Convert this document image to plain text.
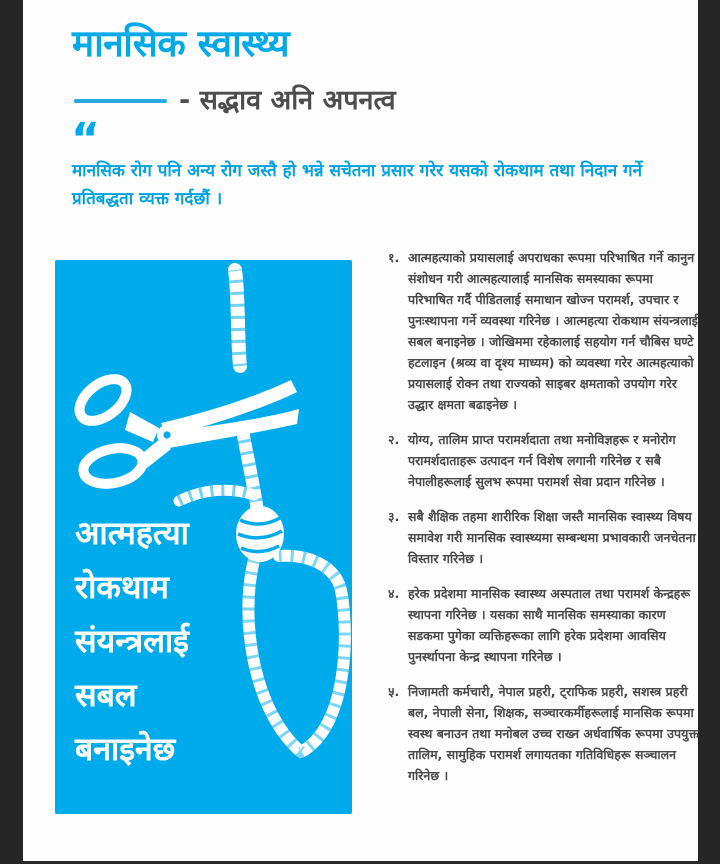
मानसिक स्वास्थ्य
- सद्भाव अनि अपनत्व
“
मानसिक रोग पनि अन्य रोग जस्तै हो भन्ने सचेतना प्रसार गरेर यसको रोकथाम तथा निदान गर्ने प्रतिबद्धता व्यक्त गर्दछौं ।
आत्महत्या
रोकथाम
संयन्त्रलाई
सबल
बनाइनेछ
१. आत्महत्याको प्रयासलाई अपराधका रूपमा परिभाषित गर्ने कानुन संशोधन गरी आत्महत्यालाई मानसिक समस्याका रूपमा परिभाषित गर्दै पीडितलाई समाधान खोज्न परामर्श, उपचार र पुनःस्थापना गर्ने व्यवस्था गरिनेछ । आत्महत्या रोकथाम संयन्त्रलाई सबल बनाइनेछ । जोखिममा रहेकालाई सहयोग गर्न चौबिस घण्टे हटलाइन (श्रव्य वा दृश्य माध्यम) को व्यवस्था गरेर आत्महत्याको प्रयासलाई रोक्न तथा राज्यको साइबर क्षमताको उपयोग गरेर उद्धार क्षमता बढाइनेछ ।
२. योग्य, तालिम प्राप्त परामर्शदाता तथा मनोविज्ञहरू र मनोरोग परामर्शदाताहरू उत्पादन गर्न विशेष लगानी गरिनेछ र सबै नेपालीहरूलाई सुलभ रूपमा परामर्श सेवा प्रदान गरिनेछ ।
३. सबै शैक्षिक तहमा शारीरिक शिक्षा जस्तै मानसिक स्वास्थ्य विषय समावेश गरी मानसिक स्वास्थ्यमा सम्बन्धमा प्रभावकारी जनचेतना विस्तार गरिनेछ ।
४. हरेक प्रदेशमा मानसिक स्वास्थ्य अस्पताल तथा परामर्श केन्द्रहरू स्थापना गरिनेछ । यसका साथै मानसिक समस्याका कारण सडकमा पुगेका व्यक्तिहरूका लागि हरेक प्रदेशमा आवसिय पुनर्स्थापना केन्द्र स्थापना गरिनेछ ।
५. निजामती कर्मचारी, नेपाल प्रहरी, ट्राफिक प्रहरी, सशस्त्र प्रहरी बल, नेपाली सेना, शिक्षक, सञ्चारकर्मीहरूलाई मानसिक रूपमा स्वस्थ बनाउन तथा मनोबल उच्च राख्न अर्धवार्षिक रूपमा उपयुक्त तालिम, सामुहिक परामर्श लगायतका गतिविधिहरू सञ्चालन गरिनेछ ।
